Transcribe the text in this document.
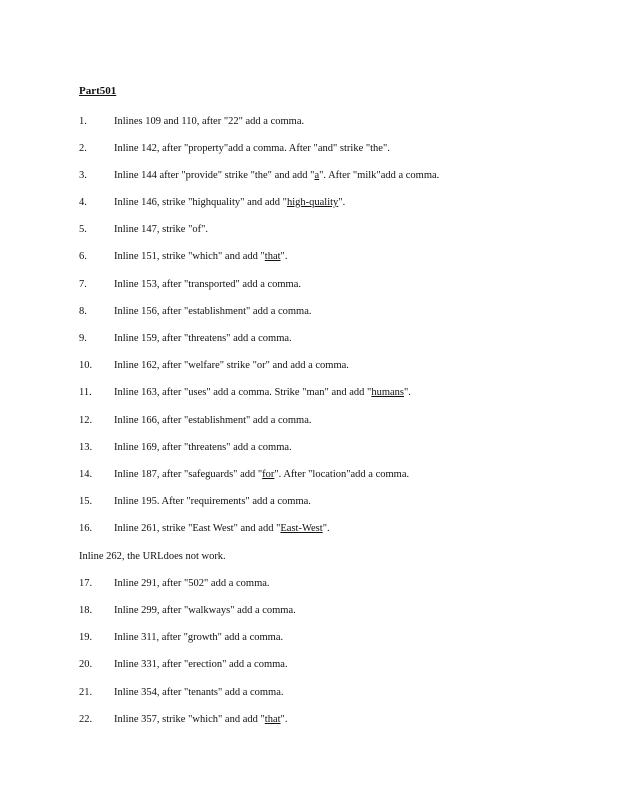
Part501
1.	Inlines 109 and 110, after "22" add a comma.
2.	Inline 142, after "property"add a comma. After "and" strike "the".
3.	Inline 144 after "provide" strike "the" and add "a". After "milk"add a comma.
4.	Inline 146, strike "highquality" and add "high-quality".
5.	Inline 147, strike "of".
6.	Inline 151, strike "which" and add "that".
7.	Inline 153, after "transported" add a comma.
8.	Inline 156, after "establishment" add a comma.
9.	Inline 159, after "threatens" add a comma.
10. Inline 162, after "welfare" strike "or" and add a comma.
11. Inline 163, after "uses" add a comma. Strike "man" and add "humans".
12. Inline 166, after "establishment" add a comma.
13. Inline 169, after "threatens" add a comma.
14. Inline 187, after "safeguards" add "for". After "location"add a comma.
15. Inline 195. After "requirements" add a comma.
16. Inline 261, strike "East West" and add "East-West".
Inline 262, the URLdoes not work.
17. Inline 291, after "502" add a comma.
18. Inline 299, after "walkways" add a comma.
19. Inline 311, after "growth" add a comma.
20. Inline 331, after "erection" add a comma.
21. Inline 354, after "tenants" add a comma.
22. Inline 357, strike "which" and add "that".
